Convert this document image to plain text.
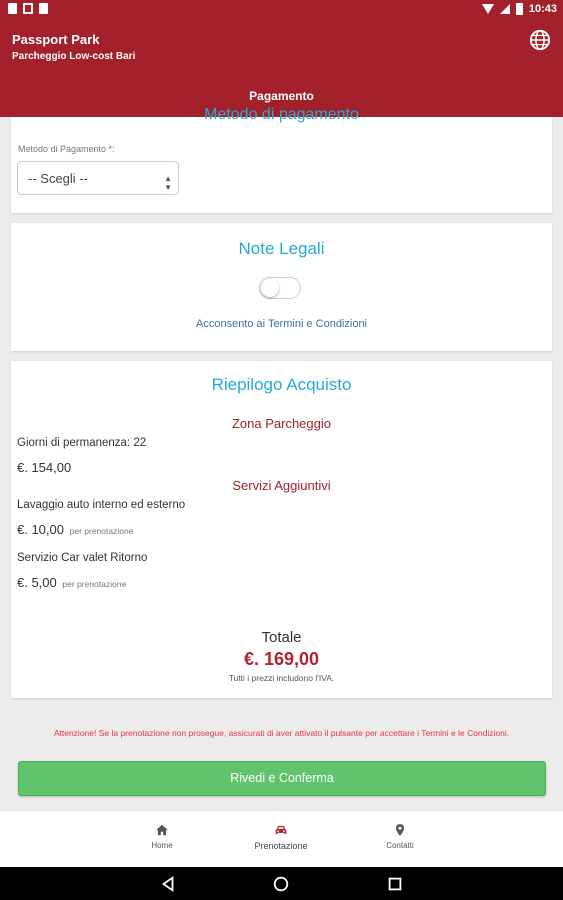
10:43
Passport Park
Parcheggio Low-cost Bari
Pagamento
Metodo di pagamento
Metodo di Pagamento *:
-- Scegli --	▲
▼
Note Legali
Acconsento ai Termini e Condizioni
Riepilogo Acquisto
Zona Parcheggio
Giorni di permanenza: 22
€. 154,00
Servizi Aggiuntivi
Lavaggio auto interno ed esterno
€. 10,00 per prenotazione
Servizio Car valet Ritorno
€. 5,00 per prenotazione
Totale
€. 169,00
Tutti i prezzi includono l'IVA.
Attenzione! Se la prenotazione non prosegue, assicurati di aver attivato il pulsante per accettare i Termini e le Condizioni.
Rivedi e Conferma
Home	Prenotazione	Contatti
